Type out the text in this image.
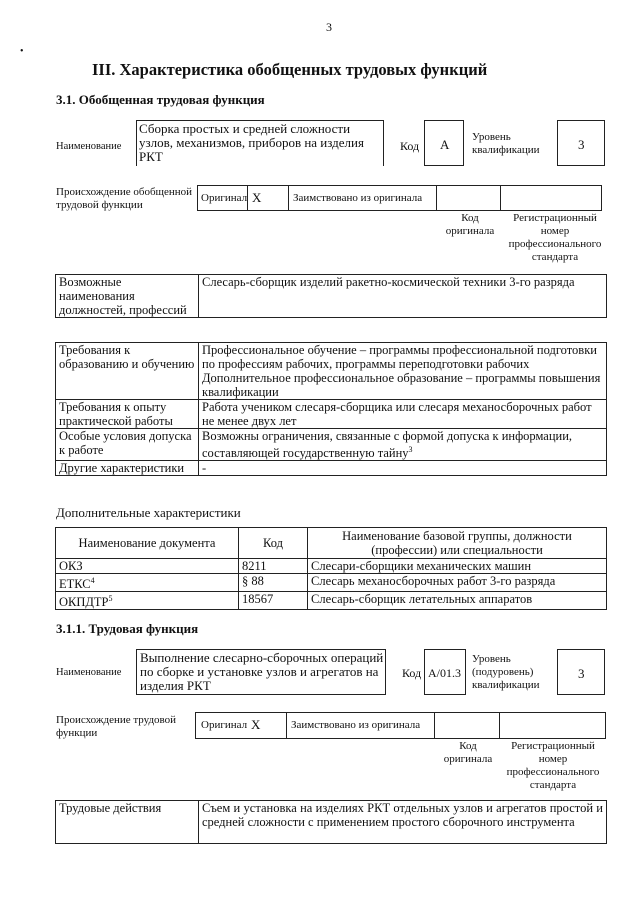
3
•
III. Характеристика обобщенных трудовых функций
3.1. Обобщенная трудовая функция
Наименование
Сборка простых и средней сложности узлов, механизмов, приборов на изделия РКТ
Код A Уровень квалификации	3
Происхождение обобщенной трудовой функции
Оригинал X	Заимствовано из оригинала
Код оригинала
Регистрационный номер профессионального стандарта
Возможные наименования должностей, профессий	Слесарь-сборщик изделий ракетно-космической техники 3-го разряда
Требования к образованию и обучению	Профессиональное обучение – программы профессиональной подготовки по профессиям рабочих, программы переподготовки рабочих
Дополнительное профессиональное образование – программы повышения квалификации

Требования к опыту практической работы	Работа учеником слесаря-сборщика или слесаря механосборочных работ не менее двух лет
Особые условия допуска к работе	Возможны ограничения, связанные с формой допуска к информации, составляющей государственную тайну$^3$
Другие характеристики	-
Дополнительные характеристики
Наименование документа	Код	Наименование базовой группы, должности (профессии) или специальности
ОКЗ	8211	Слесари-сборщики механических машин
ЕТКС$^4$	§ 88	Слесарь механосборочных работ 3-го разряда
ОКПДТР$^5$	18567	Слесарь-сборщик летательных аппаратов
3.1.1. Трудовая функция
Наименование
Выполнение слесарно-сборочных операций по сборке и установке узлов и агрегатов на изделия РКТ
Код A/01.3
Уровень (подуровень) квалификации
3
Происхождение трудовой функции
Оригинал X	Заимствовано из оригинала
Код оригинала
Регистрационный номер профессионального стандарта
Трудовые действия	Съем и установка на изделиях РКТ отдельных узлов и агрегатов простой и средней сложности с применением простого сборочного инструмента
